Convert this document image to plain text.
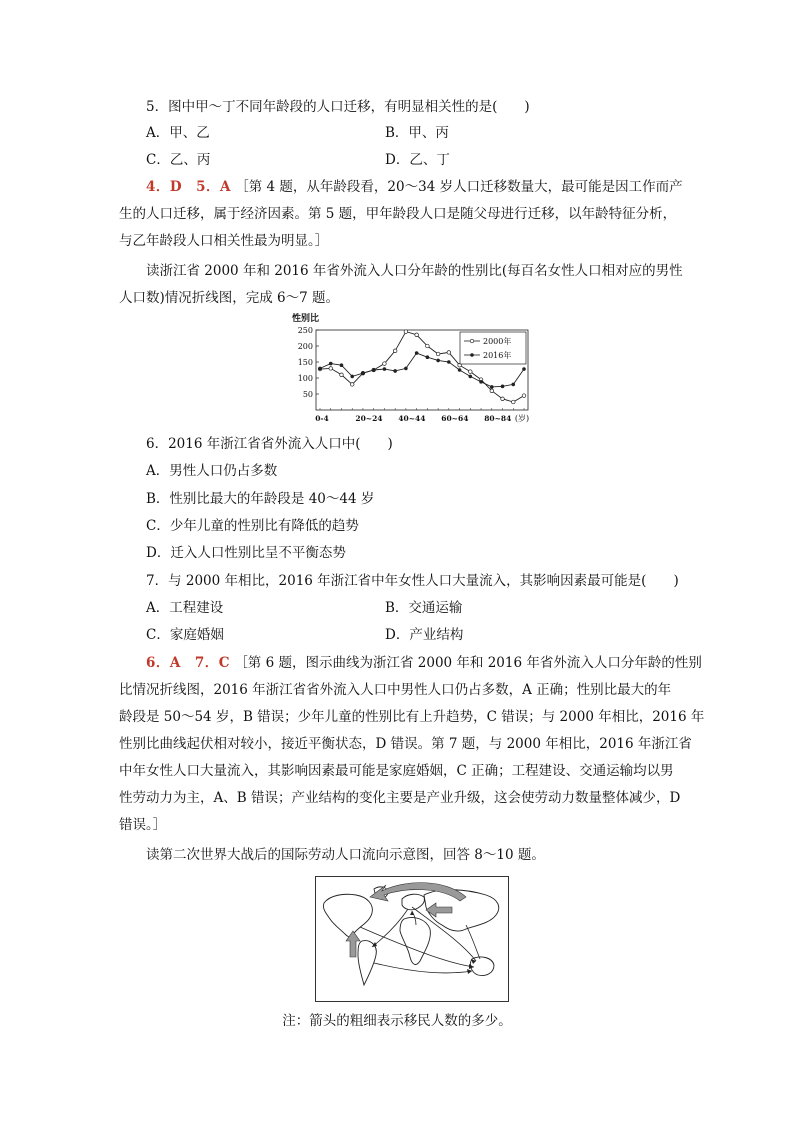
5．图中甲～丁不同年龄段的人口迁移，有明显相关性的是(　　)
A．甲、乙	B．甲、丙
C．乙、丙	D．乙、丁
4．D　5．A ［第 4 题，从年龄段看，20～34 岁人口迁移数量大，最可能是因工作而产
生的人口迁移，属于经济因素。第 5 题，甲年龄段人口是随父母进行迁移，以年龄特征分析，
与乙年龄段人口相关性最为明显。］
读浙江省 2000 年和 2016 年省外流入人口分年龄的性别比(每百名女性人口相对应的男性
人口数)情况折线图，完成 6～7 题。
性别比
250
200
150
100
50
0-4	20~24 40~44 60~64 80~84 (岁)
2000年
2016年
6．2016 年浙江省省外流入人口中(　　)
A．男性人口仍占多数
B．性别比最大的年龄段是 40～44 岁
C．少年儿童的性别比有降低的趋势
D．迁入人口性别比呈不平衡态势
7．与 2000 年相比，2016 年浙江省中年女性人口大量流入，其影响因素最可能是(　　)
A．工程建设	B．交通运输
C．家庭婚姻	D．产业结构
6．A　7．C ［第 6 题，图示曲线为浙江省 2000 年和 2016 年省外流入人口分年龄的性别
比情况折线图，2016 年浙江省省外流入人口中男性人口仍占多数，A 正确；性别比最大的年
龄段是 50～54 岁，B 错误；少年儿童的性别比有上升趋势，C 错误；与 2000 年相比，2016 年
性别比曲线起伏相对较小，接近平衡状态，D 错误。第 7 题，与 2000 年相比，2016 年浙江省
中年女性人口大量流入，其影响因素最可能是家庭婚姻，C 正确；工程建设、交通运输均以男
性劳动力为主，A、B 错误；产业结构的变化主要是产业升级，这会使劳动力数量整体减少，D
错误。］
读第二次世界大战后的国际劳动人口流向示意图，回答 8～10 题。
注：箭头的粗细表示移民人数的多少。
